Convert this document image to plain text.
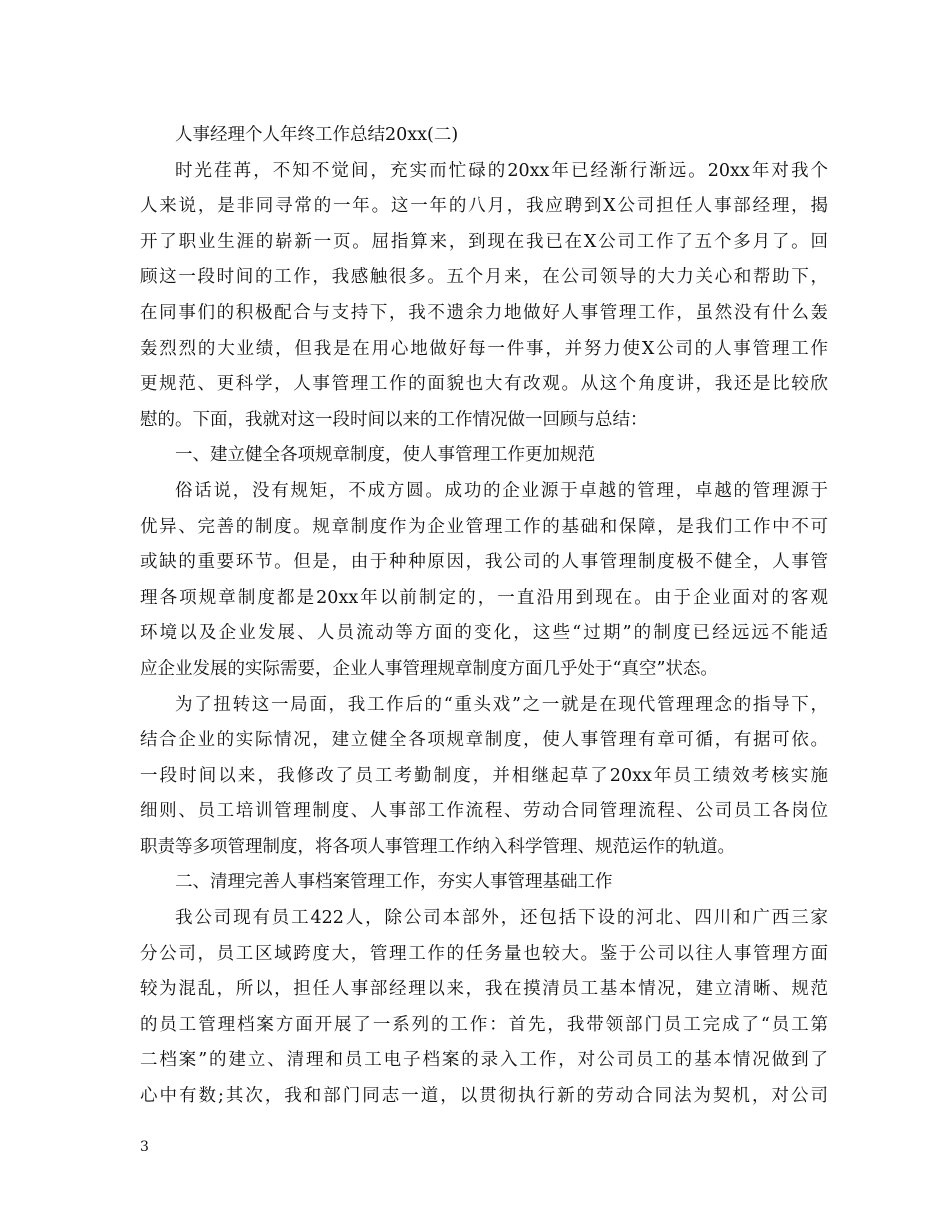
人事经理个人年终工作总结20xx(二)
时光荏苒，不知不觉间，充实而忙碌的20xx年已经渐行渐远。20xx年对我个
人来说，是非同寻常的一年。这一年的八月，我应聘到X公司担任人事部经理，揭
开了职业生涯的崭新一页。屈指算来，到现在我已在X公司工作了五个多月了。回
顾这一段时间的工作，我感触很多。五个月来，在公司领导的大力关心和帮助下，
在同事们的积极配合与支持下，我不遗余力地做好人事管理工作，虽然没有什么轰
轰烈烈的大业绩，但我是在用心地做好每一件事，并努力使X公司的人事管理工作
更规范、更科学，人事管理工作的面貌也大有改观。从这个角度讲，我还是比较欣
慰的。下面，我就对这一段时间以来的工作情况做一回顾与总结：
一、建立健全各项规章制度，使人事管理工作更加规范
俗话说，没有规矩，不成方圆。成功的企业源于卓越的管理，卓越的管理源于
优异、完善的制度。规章制度作为企业管理工作的基础和保障，是我们工作中不可
或缺的重要环节。但是，由于种种原因，我公司的人事管理制度极不健全，人事管
理各项规章制度都是20xx年以前制定的，一直沿用到现在。由于企业面对的客观
环境以及企业发展、人员流动等方面的变化，这些“过期”的制度已经远远不能适
应企业发展的实际需要，企业人事管理规章制度方面几乎处于“真空”状态。
为了扭转这一局面，我工作后的“重头戏”之一就是在现代管理理念的指导下，
结合企业的实际情况，建立健全各项规章制度，使人事管理有章可循，有据可依。
一段时间以来，我修改了员工考勤制度，并相继起草了20xx年员工绩效考核实施
细则、员工培训管理制度、人事部工作流程、劳动合同管理流程、公司员工各岗位
职责等多项管理制度，将各项人事管理工作纳入科学管理、规范运作的轨道。
二、清理完善人事档案管理工作，夯实人事管理基础工作
我公司现有员工422人，除公司本部外，还包括下设的河北、四川和广西三家
分公司，员工区域跨度大，管理工作的任务量也较大。鉴于公司以往人事管理方面
较为混乱，所以，担任人事部经理以来，我在摸清员工基本情况，建立清晰、规范
的员工管理档案方面开展了一系列的工作：首先，我带领部门员工完成了“员工第
二档案”的建立、清理和员工电子档案的录入工作，对公司员工的基本情况做到了
心中有数;其次，我和部门同志一道，以贯彻执行新的劳动合同法为契机，对公司
3
